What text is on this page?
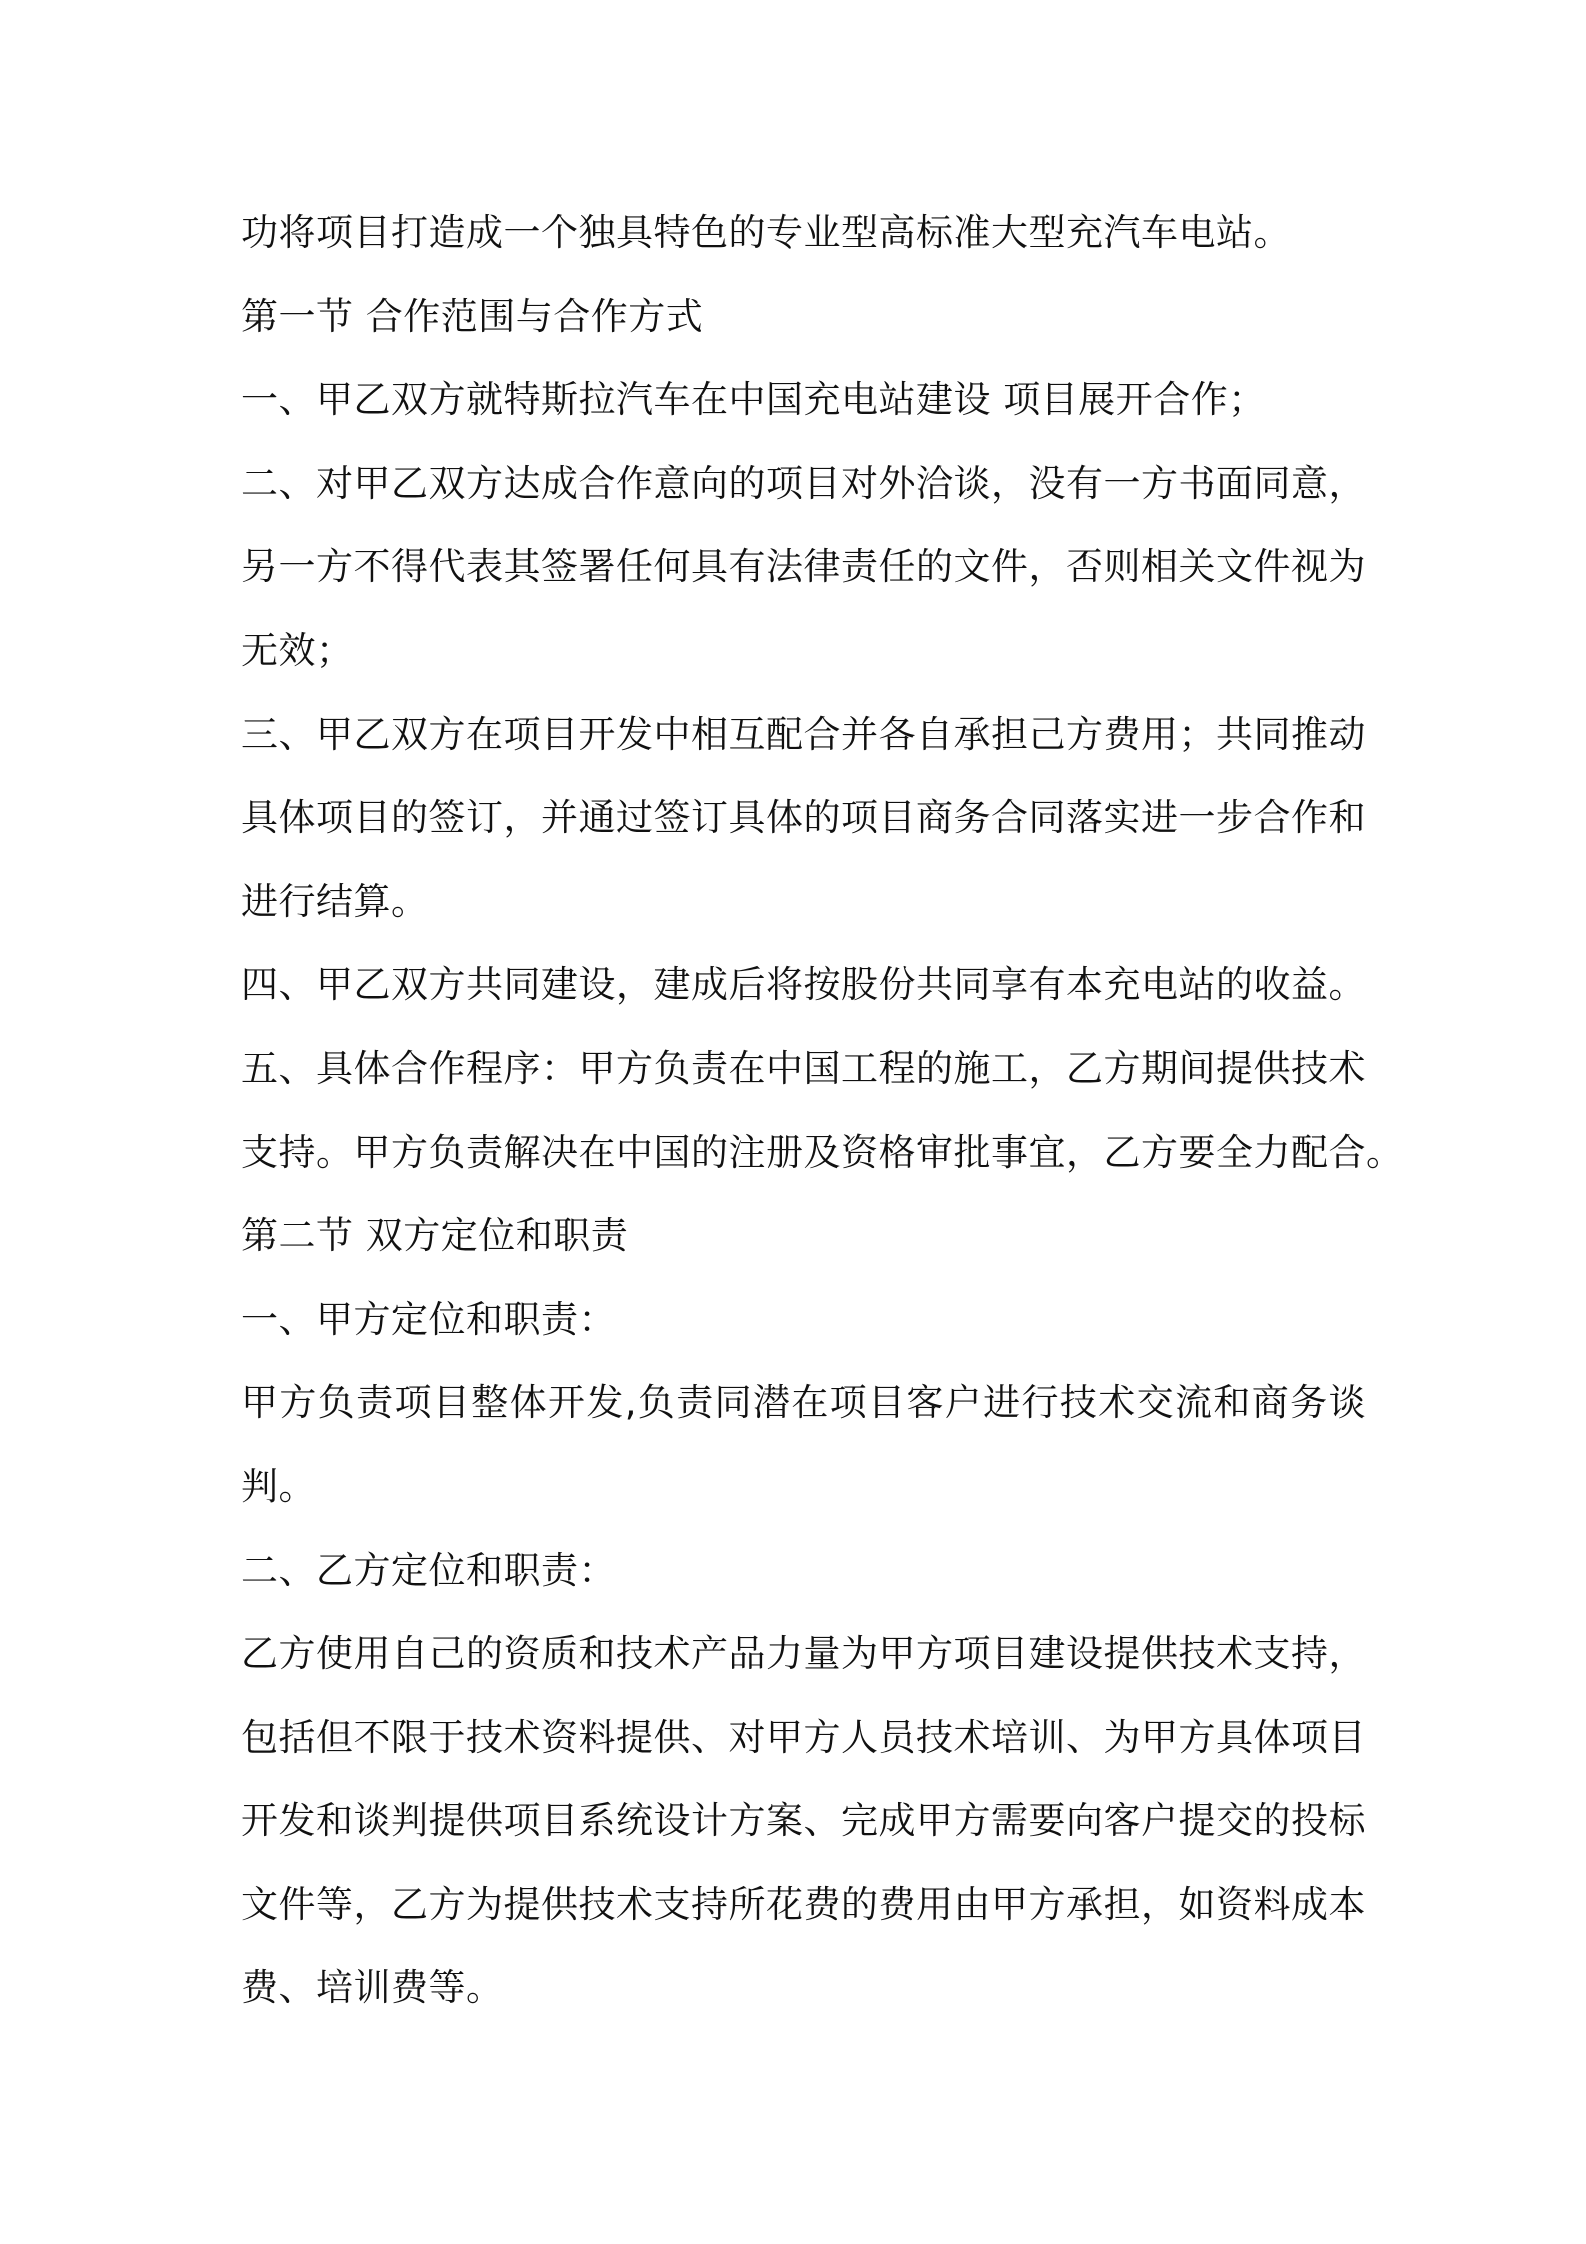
功将项目打造成一个独具特色的专业型高标准大型充汽车电站。
第一节 合作范围与合作方式
一、甲乙双方就特斯拉汽车在中国充电站建设 项目展开合作；
二、对甲乙双方达成合作意向的项目对外洽谈，没有一方书面同意，
另一方不得代表其签署任何具有法律责任的文件，否则相关文件视为
无效；
三、甲乙双方在项目开发中相互配合并各自承担己方费用；共同推动
具体项目的签订，并通过签订具体的项目商务合同落实进一步合作和
进行结算。
四、甲乙双方共同建设，建成后将按股份共同享有本充电站的收益。
五、具体合作程序：甲方负责在中国工程的施工，乙方期间提供技术
支持。甲方负责解决在中国的注册及资格审批事宜，乙方要全力配合。
第二节 双方定位和职责
一、甲方定位和职责：
甲方负责项目整体开发,负责同潜在项目客户进行技术交流和商务谈
判。
二、乙方定位和职责：
乙方使用自己的资质和技术产品力量为甲方项目建设提供技术支持，
包括但不限于技术资料提供、对甲方人员技术培训、为甲方具体项目
开发和谈判提供项目系统设计方案、完成甲方需要向客户提交的投标
文件等，乙方为提供技术支持所花费的费用由甲方承担，如资料成本
费、培训费等。
